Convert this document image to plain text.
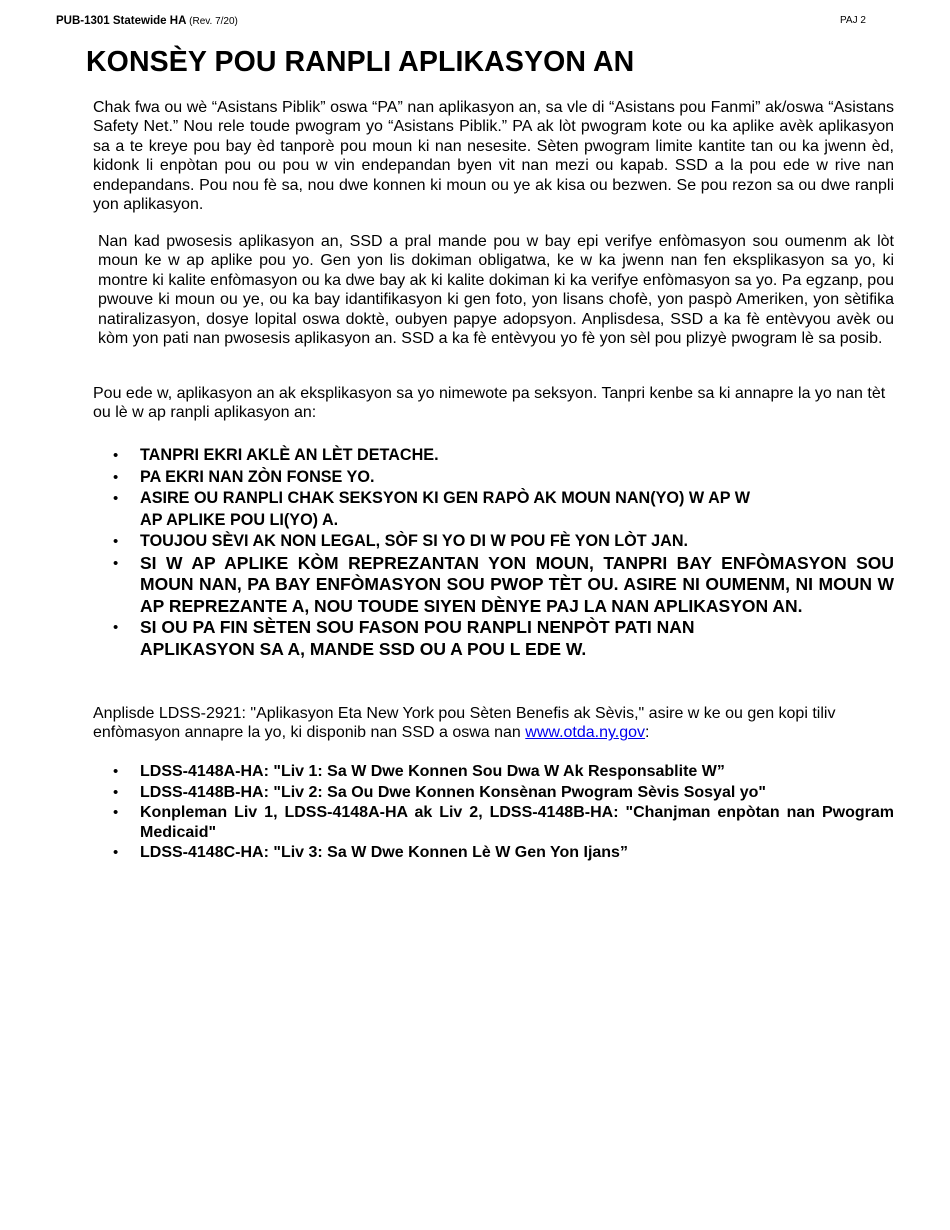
PUB-1301 Statewide HA (Rev. 7/20)	PAJ 2
KONSÈY POU RANPLI APLIKASYON AN

Chak fwa ou wè “Asistans Piblik” oswa “PA” nan aplikasyon an, sa vle di “Asistans pou Fanmi” ak/oswa “Asistans Safety Net.” Nou rele toude pwogram yo “Asistans Piblik.” PA ak lòt pwogram kote ou ka aplike avèk aplikasyon sa a te kreye pou bay èd tanporè pou moun ki nan nesesite. Sèten pwogram limite kantite tan ou ka jwenn èd, kidonk li enpòtan pou ou pou w vin endepandan byen vit nan mezi ou kapab. SSD a la pou ede w rive nan endepandans. Pou nou fè sa, nou dwe konnen ki moun ou ye ak kisa ou bezwen. Se pou rezon sa ou dwe ranpli yon aplikasyon.

Nan kad pwosesis aplikasyon an, SSD a pral mande pou w bay epi verifye enfòmasyon sou oumenm ak lòt moun ke w ap aplike pou yo. Gen yon lis dokiman obligatwa, ke w ka jwenn nan fen eksplikasyon sa yo, ki montre ki kalite enfòmasyon ou ka dwe bay ak ki kalite dokiman ki ka verifye enfòmasyon sa yo. Pa egzanp, pou pwouve ki moun ou ye, ou ka bay idantifikasyon ki gen foto, yon lisans chofè, yon paspò Ameriken, yon sètifika natiralizasyon, dosye lopital oswa doktè, oubyen papye adopsyon. Anplisdesa, SSD a ka fè entèvyou avèk ou kòm yon pati nan pwosesis aplikasyon an. SSD a ka fè entèvyou yo fè yon sèl pou plizyè pwogram lè sa posib.

Pou ede w, aplikasyon an ak eksplikasyon sa yo nimewote pa seksyon. Tanpri kenbe sa ki annapre la yo nan tèt ou lè w ap ranpli aplikasyon an:

• TANPRI EKRI AKLÈ AN LÈT DETACHE.
• PA EKRI NAN ZÒN FONSE YO.
• ASIRE OU RANPLI CHAK SEKSYON KI GEN RAPÒ AK MOUN NAN(YO) W AP W AP APLIKE POU LI(YO) A.
• TOUJOU SÈVI AK NON LEGAL, SÒF SI YO DI W POU FÈ YON LÒT JAN.
• SI W AP APLIKE KÒM REPREZANTAN YON MOUN, TANPRI BAY ENFÒMASYON SOU MOUN NAN, PA BAY ENFÒMASYON SOU PWOP TÈT OU. ASIRE NI OUMENM, NI MOUN W AP REPREZANTE A, NOU TOUDE SIYEN DÈNYE PAJ LA NAN APLIKASYON AN.
• SI OU PA FIN SÈTEN SOU FASON POU RANPLI NENPÒT PATI NAN APLIKASYON SA A, MANDE SSD OU A POU L EDE W.

Anplisde LDSS-2921: "Aplikasyon Eta New York pou Sèten Benefis ak Sèvis," asire w ke ou gen kopi tiliv enfòmasyon annapre la yo, ki disponib nan SSD a oswa nan www.otda.ny.gov:

• LDSS-4148A-HA: "Liv 1: Sa W Dwe Konnen Sou Dwa W Ak Responsablite W”
• LDSS-4148B-HA: "Liv 2: Sa Ou Dwe Konnen Konsènan Pwogram Sèvis Sosyal yo"
• Konpleman Liv 1, LDSS-4148A-HA ak Liv 2, LDSS-4148B-HA: "Chanjman enpòtan nan Pwogram Medicaid"
• LDSS-4148C-HA: "Liv 3: Sa W Dwe Konnen Lè W Gen Yon Ijans”
